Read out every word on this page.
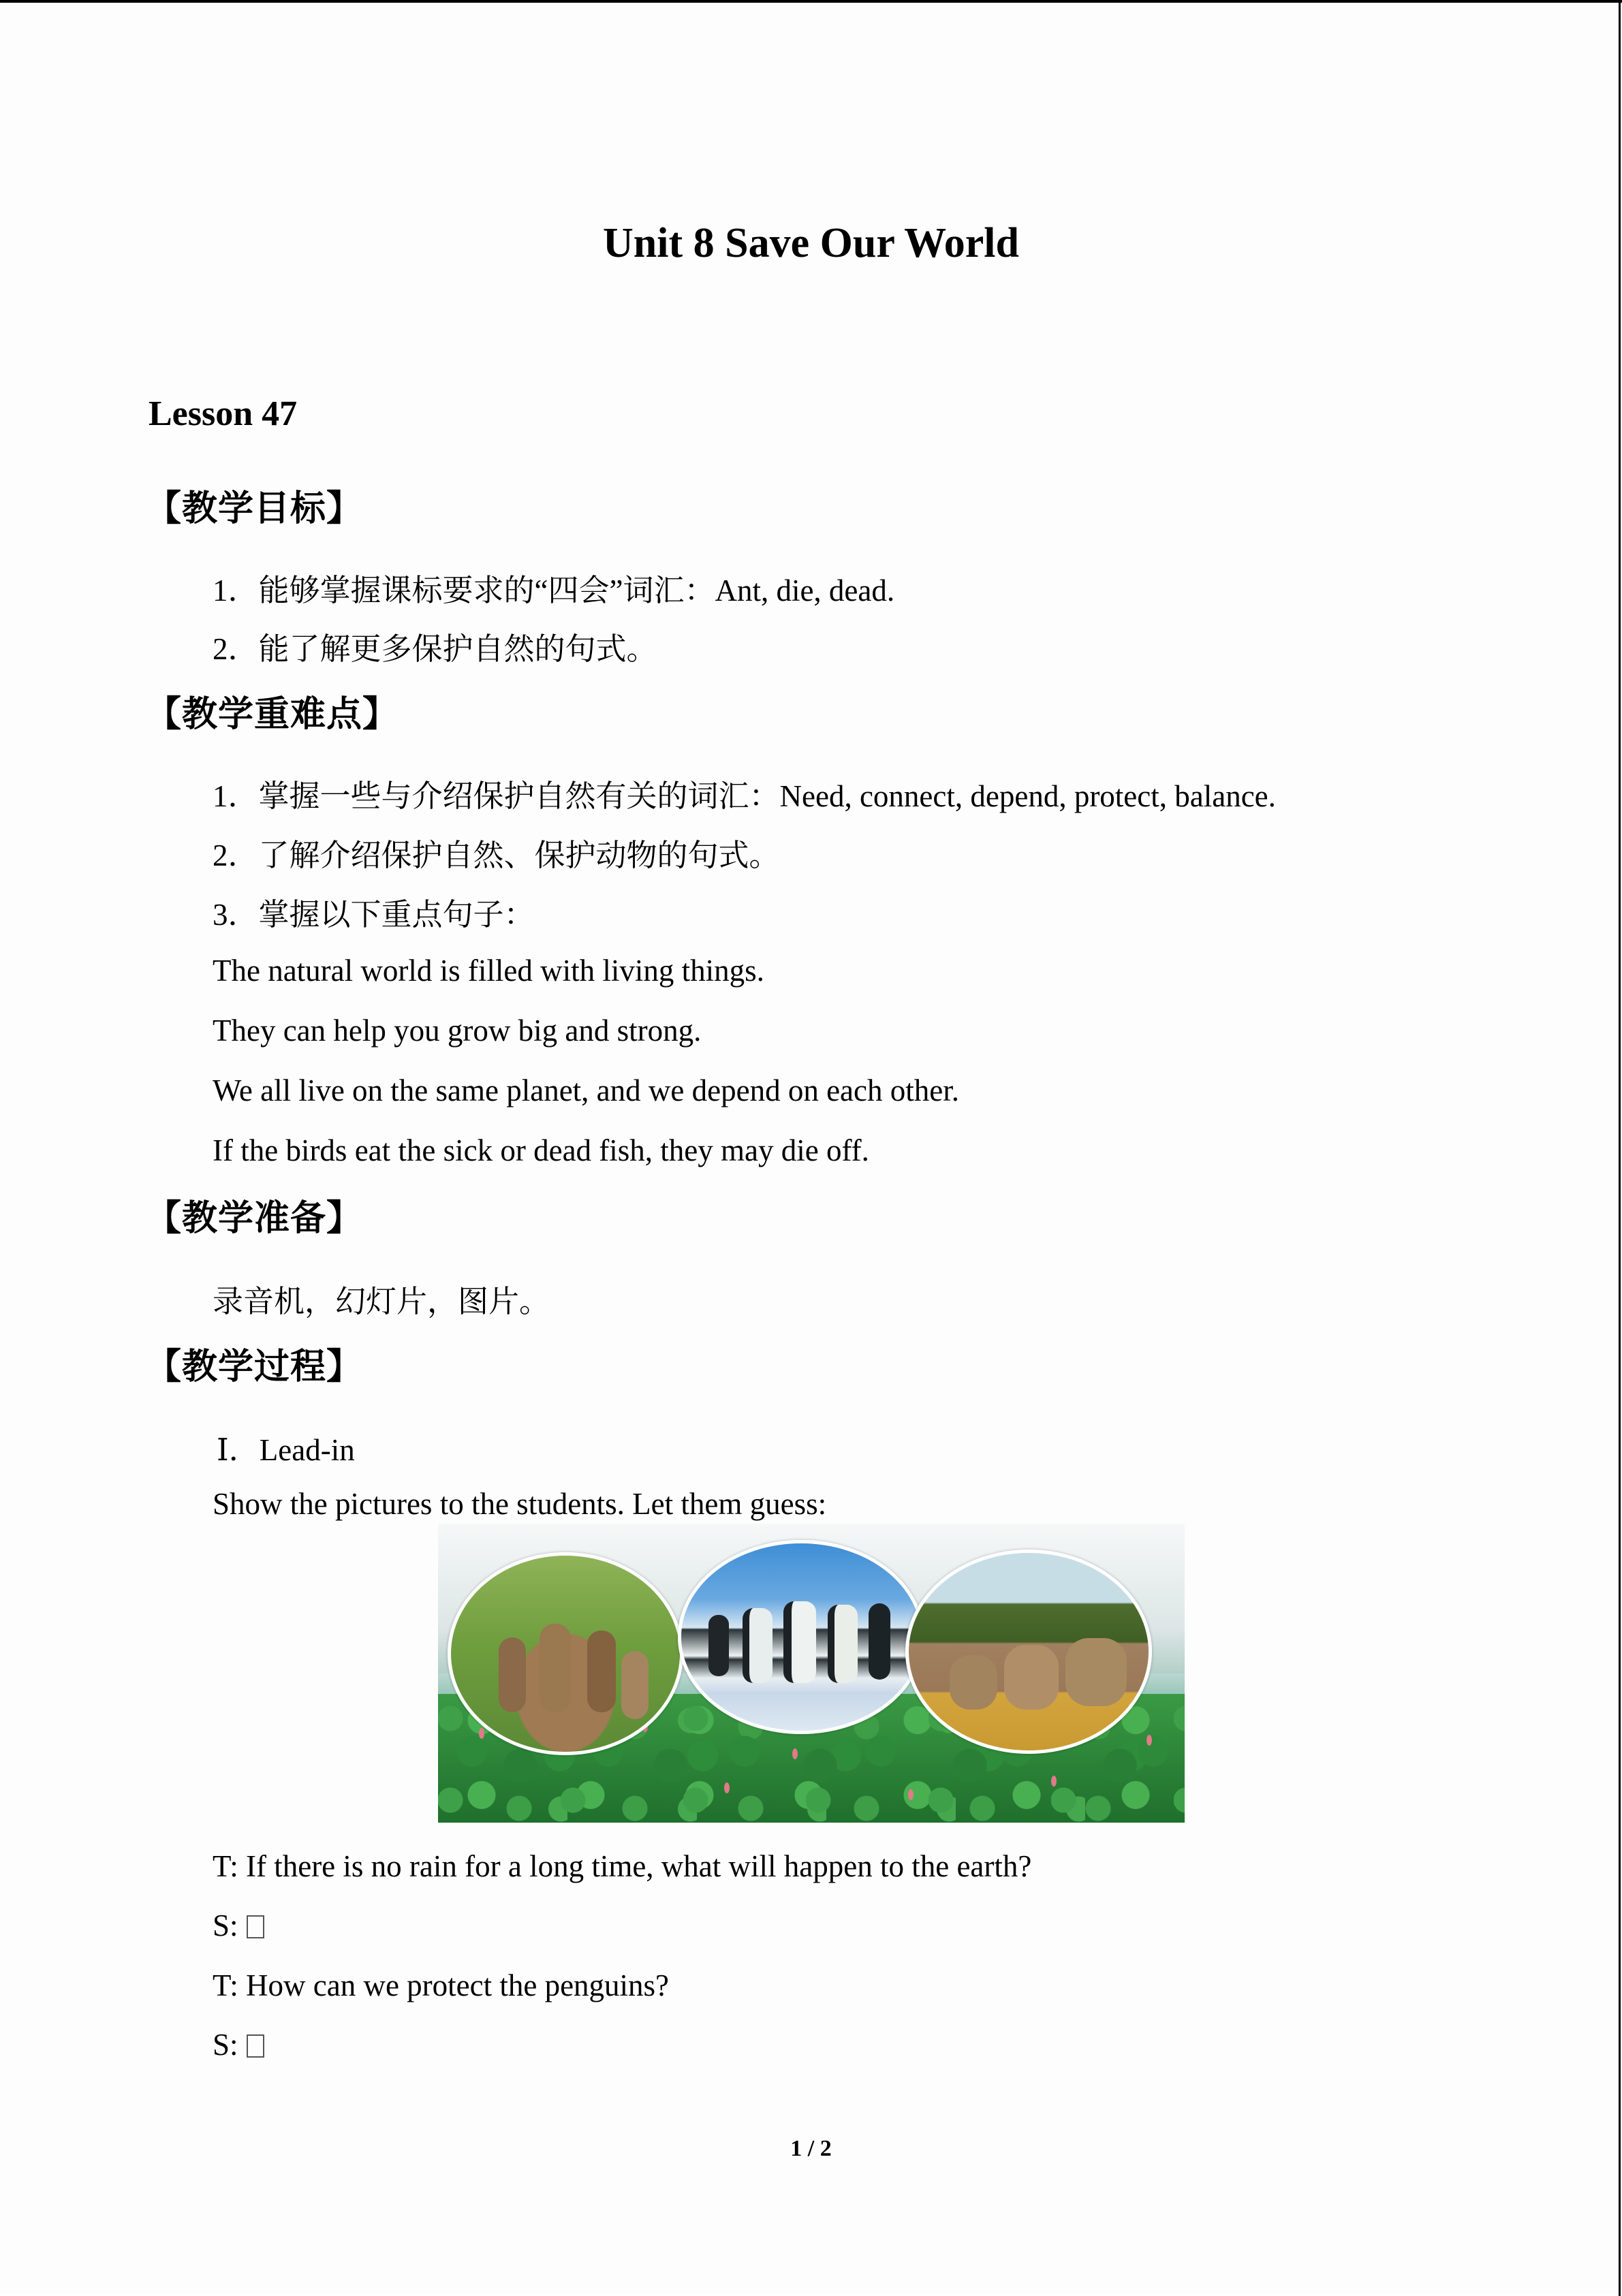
Unit 8 Save Our World
Lesson 47
【教学目标】
1．能够掌握课标要求的“四会”词汇：Ant, die, dead.
2．能了解更多保护自然的句式。
【教学重难点】
1．掌握一些与介绍保护自然有关的词汇：Need, connect, depend, protect, balance.
2．了解介绍保护自然、保护动物的句式。
3．掌握以下重点句子：
The natural world is filled with living things.
They can help you grow big and strong.
We all live on the same planet, and we depend on each other.
If the birds eat the sick or dead fish, they may die off.
【教学准备】
录音机，幻灯片，图片。
【教学过程】
Ⅰ．Lead-in
Show the pictures to the students. Let them guess:
T: If there is no rain for a long time, what will happen to the earth?
S:
T: How can we protect the penguins?
S:
1 / 2
